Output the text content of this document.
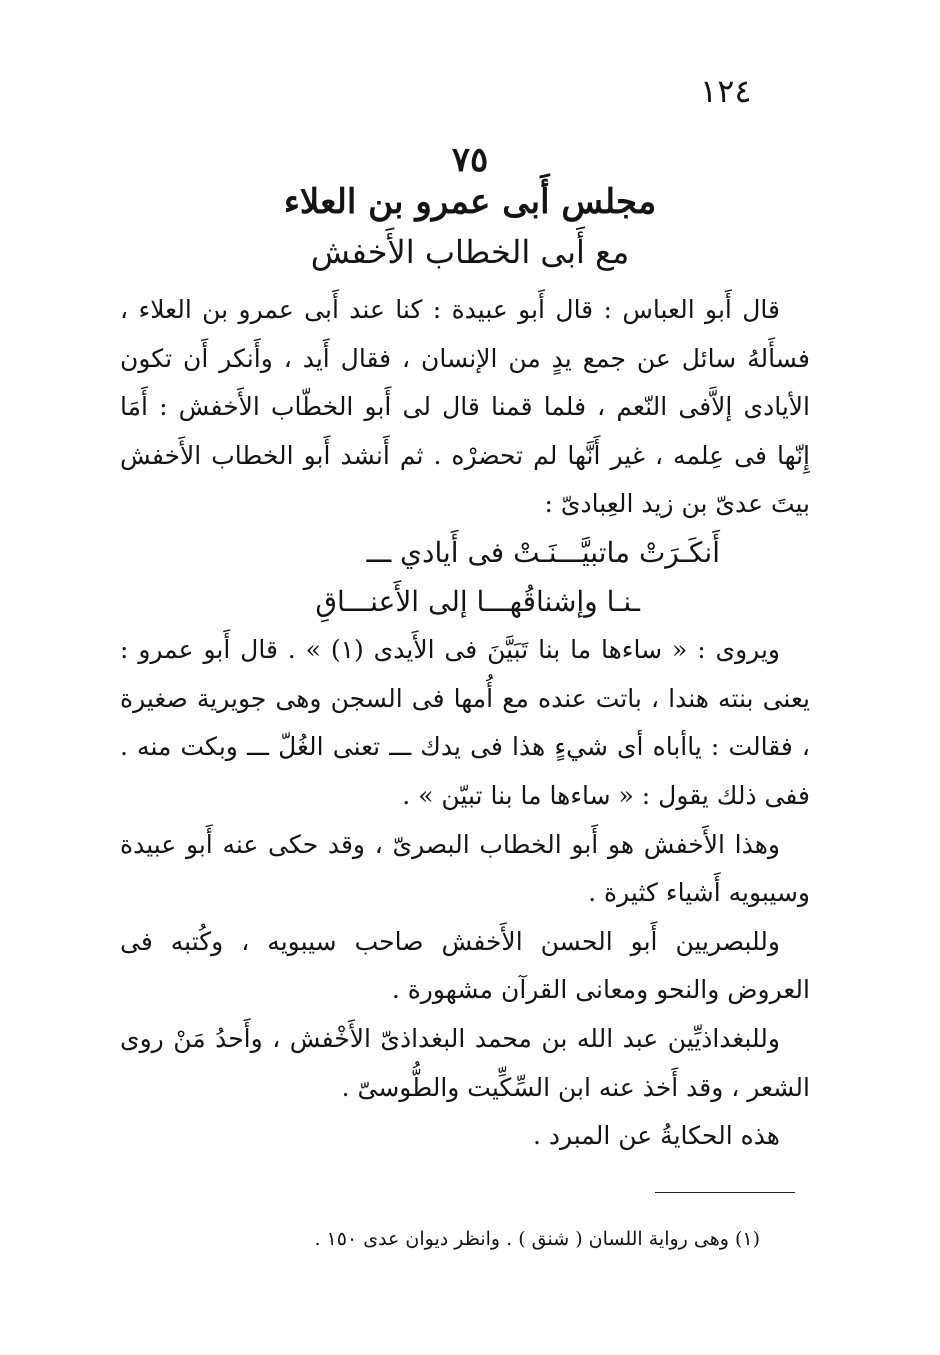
١٢٤
٧٥
مجلس أَبى عمرو بن العلاء
مع أَبى الخطاب الأَخفش

قال أَبو العباس : قال أَبو عبيدة : كنا عند أَبى عمرو بن العلاء ، فسأَلهُ سائل عن جمع يدٍ من الإنسان ، فقال أَيد ، وأَنكر أَن تكون الأيادى إلاَّفى النّعم ، فلما قمنا قال لى أَبو الخطّاب الأَخفش : أَمَا إِنّها فى عِلمه ، غير أَنَّها لم تحضرْه . ثم أَنشد أَبو الخطاب الأَخفش بيتَ عدىّ بن زيد العِبادىّ :

أَنكَـرَتْ ماتبيَّـــنَـتْ فى أَيادي ـــ

ـنـا وإشناقُهـــا إلى الأَعنـــاقِ

ويروى : « ساءها ما بنا تَبَيَّنَ فى الأَيدى (١) » . قال أَبو عمرو : يعنى بنته هندا ، باتت عنده مع أُمها فى السجن وهى جويرية صغيرة ، فقالت : ياأباه أى شيءٍ هذا فى يدك ـــ تعنى الغُلّ ـــ وبكت منه . ففى ذلك يقول : « ساءها ما بنا تبيّن » .

وهذا الأَخفش هو أَبو الخطاب البصرىّ ، وقد حكى عنه أَبو عبيدة وسيبويه أَشياء كثيرة .

وللبصريين أَبو الحسن الأَخفش صاحب سيبويه ، وكُتبه فى العروض والنحو ومعانى القرآن مشهورة .

وللبغداذيِّين عبد الله بن محمد البغداذىّ الأَخْفش ، وأَحدُ مَنْ روى الشعر ، وقد أَخذ عنه ابن السِّكِّيت والطُّوسىّ .

هذه الحكايةُ عن المبرد .

(١) وهى رواية اللسان ( شنق ) . وانظر ديوان عدى ١٥٠ .
